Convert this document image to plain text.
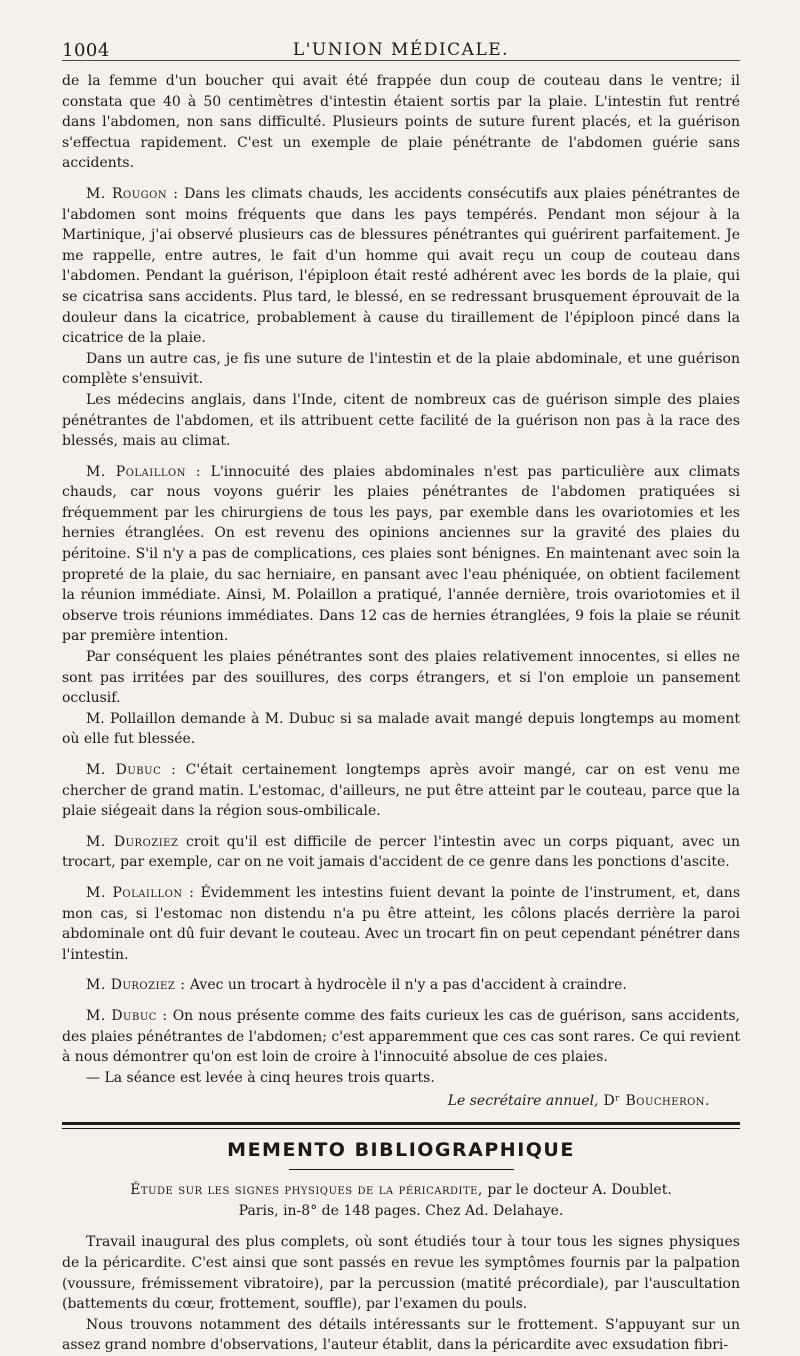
1004	L'UNION MÉDICALE.

de la femme d'un boucher qui avait été frappée dun coup de couteau dans le ventre; il constata que 40 à 50 centimètres d'intestin étaient sortis par la plaie. L'intestin fut rentré dans l'abdomen, non sans difficulté. Plusieurs points de suture furent placés, et la guérison s'effectua rapidement. C'est un exemple de plaie pénétrante de l'abdomen guérie sans accidents.

M. Rougon : Dans les climats chauds, les accidents consécutifs aux plaies pénétrantes de l'abdomen sont moins fréquents que dans les pays tempérés. Pendant mon séjour à la Martinique, j'ai observé plusieurs cas de blessures pénétrantes qui guérirent parfaitement. Je me rappelle, entre autres, le fait d'un homme qui avait reçu un coup de couteau dans l'abdomen. Pendant la guérison, l'épiploon était resté adhérent avec les bords de la plaie, qui se cicatrisa sans accidents. Plus tard, le blessé, en se redressant brusquement éprouvait de la douleur dans la cicatrice, probablement à cause du tiraillement de l'épiploon pincé dans la cicatrice de la plaie.

Dans un autre cas, je fis une suture de l'intestin et de la plaie abdominale, et une guérison complète s'ensuivit.

Les médecins anglais, dans l'Inde, citent de nombreux cas de guérison simple des plaies pénétrantes de l'abdomen, et ils attribuent cette facilité de la guérison non pas à la race des blessés, mais au climat.

M. Polaillon : L'innocuité des plaies abdominales n'est pas particulière aux climats chauds, car nous voyons guérir les plaies pénétrantes de l'abdomen pratiquées si fréquemment par les chirurgiens de tous les pays, par exemble dans les ovariotomies et les hernies étranglées. On est revenu des opinions anciennes sur la gravité des plaies du péritoine. S'il n'y a pas de complications, ces plaies sont bénignes. En maintenant avec soin la propreté de la plaie, du sac herniaire, en pansant avec l'eau phéniquée, on obtient facilement la réunion immédiate. Ainsi, M. Polaillon a pratiqué, l'année dernière, trois ovariotomies et il observe trois réunions immédiates. Dans 12 cas de hernies étranglées, 9 fois la plaie se réunit par première intention.

Par conséquent les plaies pénétrantes sont des plaies relativement innocentes, si elles ne sont pas irritées par des souillures, des corps étrangers, et si l'on emploie un pansement occlusif.

M. Pollaillon demande à M. Dubuc si sa malade avait mangé depuis longtemps au moment où elle fut blessée.

M. Dubuc : C'était certainement longtemps après avoir mangé, car on est venu me chercher de grand matin. L'estomac, d'ailleurs, ne put être atteint par le couteau, parce que la plaie siégeait dans la région sous-ombilicale.

M. Duroziez croit qu'il est difficile de percer l'intestin avec un corps piquant, avec un trocart, par exemple, car on ne voit jamais d'accident de ce genre dans les ponctions d'ascite.

M. Polaillon : Évidemment les intestins fuient devant la pointe de l'instrument, et, dans mon cas, si l'estomac non distendu n'a pu être atteint, les côlons placés derrière la paroi abdominale ont dû fuir devant le couteau. Avec un trocart fin on peut cependant pénétrer dans l'intestin.

M. Duroziez : Avec un trocart à hydrocèle il n'y a pas d'accident à craindre.

M. Dubuc : On nous présente comme des faits curieux les cas de guérison, sans accidents, des plaies pénétrantes de l'abdomen; c'est apparemment que ces cas sont rares. Ce qui revient à nous démontrer qu'on est loin de croire à l'innocuité absolue de ces plaies.

— La séance est levée à cinq heures trois quarts.

Le secrétaire annuel, Dʳ Boucheron.
MEMENTO BIBLIOGRAPHIQUE
Étude sur les signes physiques de la péricardite, par le docteur A. Doublet.
Paris, in-8° de 148 pages. Chez Ad. Delahaye.

Travail inaugural des plus complets, où sont étudiés tour à tour tous les signes physiques de la péricardite. C'est ainsi que sont passés en revue les symptômes fournis par la palpation (voussure, frémissement vibratoire), par la percussion (matité précordiale), par l'auscultation (battements du cœur, frottement, souffle), par l'examen du pouls.

Nous trouvons notamment des détails intéressants sur le frottement. S'appuyant sur un assez grand nombre d'observations, l'auteur établit, dans la péricardite avec exsudation fibri-
